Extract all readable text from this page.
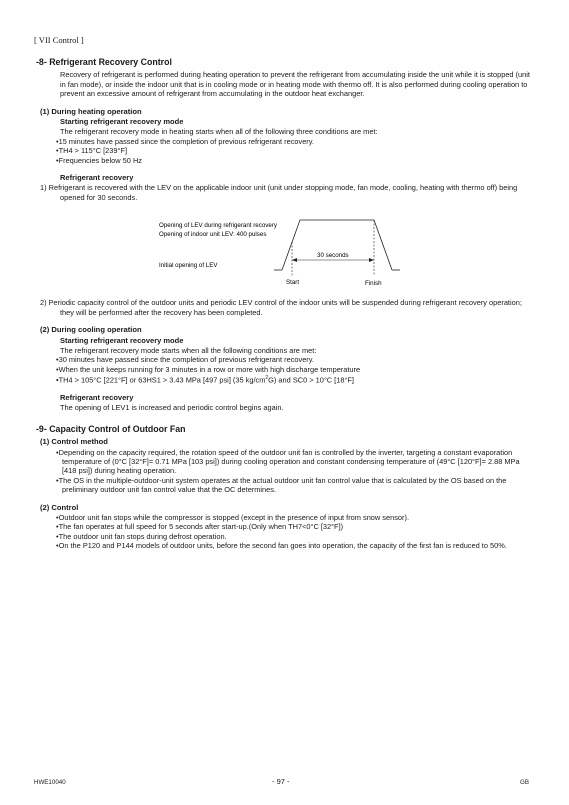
[ VII Control ]
-8- Refrigerant Recovery Control

Recovery of refrigerant is performed during heating operation to prevent the refrigerant from accumulating inside the unit while it is stopped (unit in fan mode), or inside the indoor unit that is in cooling mode or in heating mode with thermo off. It is also performed during cooling operation to prevent an excessive amount of refrigerant from accumulating in the outdoor heat exchanger.

(1) During heating operation
Starting refrigerant recovery mode

The refrigerant recovery mode in heating starts when all of the following three conditions are met:

•15 minutes have passed since the completion of previous refrigerant recovery.

•TH4 > 115°C [239°F]

•Frequencies below 50 Hz

Refrigerant recovery

1) Refrigerant is recovered with the LEV on the applicable indoor unit (unit under stopping mode, fan mode, cooling, heating with thermo off) being opened for 30 seconds.

Opening of LEV during refrigerant recovery
Opening of indoor unit LEV: 400 pulses
Initial opening of LEV
30 seconds
Start	Finish

2) Periodic capacity control of the outdoor units and periodic LEV control of the indoor units will be suspended during refrigerant recovery operation; they will be performed after the recovery has been completed.

(2) During cooling operation
Starting refrigerant recovery mode

The refrigerant recovery mode starts when all the following conditions are met:

•30 minutes have passed since the completion of previous refrigerant recovery.

•When the unit keeps running for 3 minutes in a row or more with high discharge temperature

•TH4 > 105°C [221°F] or 63HS1 > 3.43 MPa [497 psi] (35 $kg/cm^2G$) and SC0 > 10°C [18°F]

Refrigerant recovery

The opening of LEV1 is increased and periodic control begins again.

-9- Capacity Control of Outdoor Fan
(1) Control method

•Depending on the capacity required, the rotation speed of the outdoor unit fan is controlled by the inverter, targeting a constant evaporation temperature of (0°C [32°F]= 0.71 MPa [103 psi]) during cooling operation and constant condensing temperature of (49°C [120°F]= 2.88 MPa [418 psi]) during heating operation.

•The OS in the multiple-outdoor-unit system operates at the actual outdoor unit fan control value that is calculated by the OS based on the preliminary outdoor unit fan control value that the OC determines.

(2) Control

•Outdoor unit fan stops while the compressor is stopped (except in the presence of input from snow sensor).

•The fan operates at full speed for 5 seconds after start-up.(Only when TH7<0°C [32°F])

•The outdoor unit fan stops during defrost operation.

•On the P120 and P144 models of outdoor units, before the second fan goes into operation, the capacity of the first fan is reduced to 50%.

HWE10040	- 97 -	GB
